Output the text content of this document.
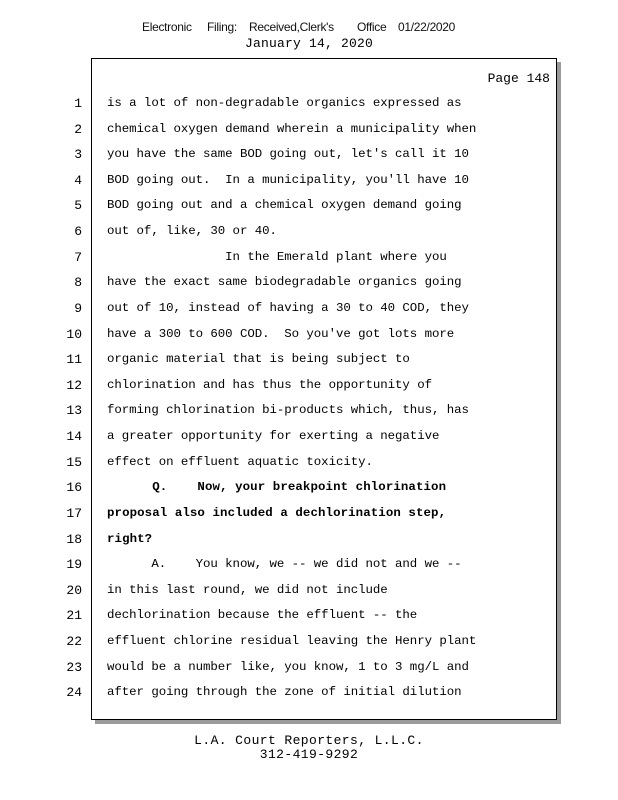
Electronic Filing: Received,Clerk's Office 01/22/2020
January 14, 2020
Page 148
1 is a lot of non-degradable organics expressed as
2 chemical oxygen demand wherein a municipality when
3 you have the same BOD going out, let's call it 10
4 BOD going out.  In a municipality, you'll have 10
5 BOD going out and a chemical oxygen demand going
6 out of, like, 30 or 40.
7 In the Emerald plant where you
8 have the exact same biodegradable organics going
9 out of 10, instead of having a 30 to 40 COD, they
10 have a 300 to 600 COD.  So you've got lots more
11 organic material that is being subject to
12 chlorination and has thus the opportunity of
13 forming chlorination bi-products which, thus, has
14 a greater opportunity for exerting a negative
15 effect on effluent aquatic toxicity.
16 Q.    Now, your breakpoint chlorination
17 proposal also included a dechlorination step,
18 right?
19 A.    You know, we -- we did not and we --
20 in this last round, we did not include
21 dechlorination because the effluent -- the
22 effluent chlorine residual leaving the Henry plant
23 would be a number like, you know, 1 to 3 mg/L and
24 after going through the zone of initial dilution
L.A. Court Reporters, L.L.C.
312-419-9292
